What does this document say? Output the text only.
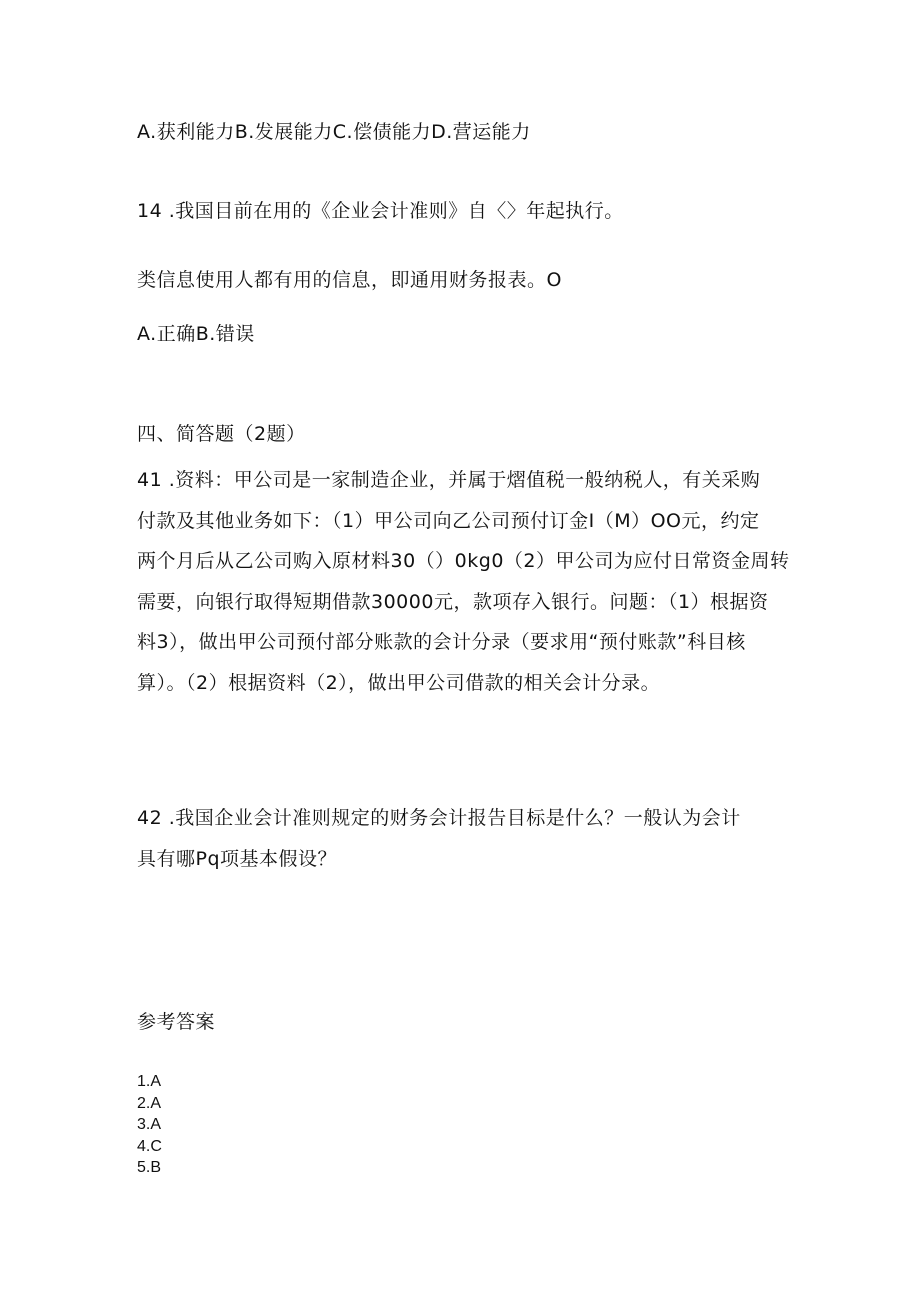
A.获利能力B.发展能力C.偿债能力D.营运能力
14 .我国目前在用的《企业会计准则》自〈〉年起执行。
类信息使用人都有用的信息，即通用财务报表。O
A.正确B.错误
四、简答题（2题）
41 .资料：甲公司是一家制造企业，并属于熠值税一般纳税人，有关采购
付款及其他业务如下：（1）甲公司向乙公司预付订金I（M）OO元，约定
两个月后从乙公司购入原材料30（）0kg0（2）甲公司为应付日常资金周转
需要，向银行取得短期借款30000元，款项存入银行。问题：（1）根据资
料3），做出甲公司预付部分账款的会计分录（要求用“预付账款”科目核
算）。（2）根据资料（2），做出甲公司借款的相关会计分录。
42 .我国企业会计准则规定的财务会计报告目标是什么？一般认为会计
具有哪Pq项基本假设？
参考答案
1.A
2.A
3.A
4.C
5.B
